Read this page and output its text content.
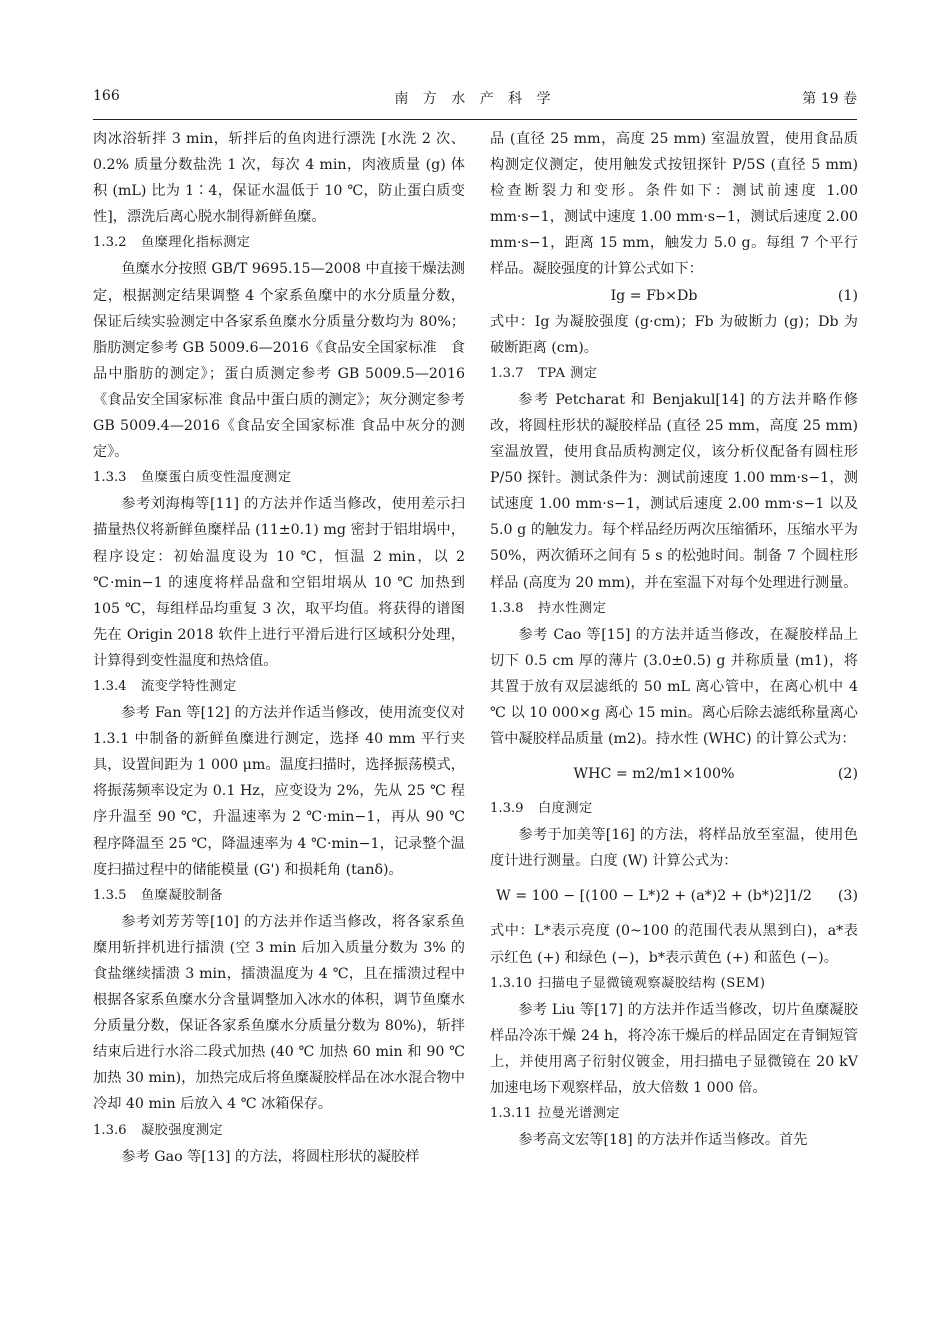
166	南 方 水 产 科 学	第 19 卷

肉冰浴斩拌 3 min，斩拌后的鱼肉进行漂洗 [水洗 2 次、0.2% 质量分数盐洗 1 次，每次 4 min，肉液质量 (g) 体积 (mL) 比为 1∶4，保证水温低于 10 ℃，防止蛋白质变性]，漂洗后离心脱水制得新鲜鱼糜。

1.3.2 鱼糜理化指标测定

鱼糜水分按照 GB/T 9695.15—2008 中直接干燥法测定，根据测定结果调整 4 个家系鱼糜中的水分质量分数，保证后续实验测定中各家系鱼糜水分质量分数均为 80%；脂肪测定参考 GB 5009.6—2016《食品安全国家标准　食品中脂肪的测定》；蛋白质测定参考 GB 5009.5—2016《食品安全国家标准 食品中蛋白质的测定》；灰分测定参考 GB 5009.4—2016《食品安全国家标准 食品中灰分的测定》。

1.3.3 鱼糜蛋白质变性温度测定

参考刘海梅等[11] 的方法并作适当修改，使用差示扫描量热仪将新鲜鱼糜样品 (11±0.1) mg 密封于铝坩埚中，程序设定：初始温度设为 10 ℃，恒温 2 min，以 2 ℃·min−1 的速度将样品盘和空铝坩埚从 10 ℃ 加热到 105 ℃，每组样品均重复 3 次，取平均值。将获得的谱图先在 Origin 2018 软件上进行平滑后进行区域积分处理，计算得到变性温度和热焓值。

1.3.4 流变学特性测定

参考 Fan 等[12] 的方法并作适当修改，使用流变仪对 1.3.1 中制备的新鲜鱼糜进行测定，选择 40 mm 平行夹具，设置间距为 1 000 μm。温度扫描时，选择振荡模式，将振荡频率设定为 0.1 Hz，应变设为 2%，先从 25 ℃ 程序升温至 90 ℃，升温速率为 2 ℃·min−1，再从 90 ℃ 程序降温至 25 ℃，降温速率为 4 ℃·min−1，记录整个温度扫描过程中的储能模量 (G') 和损耗角 (tanδ)。

1.3.5 鱼糜凝胶制备

参考刘芳芳等[10] 的方法并作适当修改，将各家系鱼糜用斩拌机进行擂溃 (空 3 min 后加入质量分数为 3% 的食盐继续擂溃 3 min，擂溃温度为 4 ℃，且在擂溃过程中根据各家系鱼糜水分含量调整加入冰水的体积，调节鱼糜水分质量分数，保证各家系鱼糜水分质量分数为 80%)，斩拌结束后进行水浴二段式加热 (40 ℃ 加热 60 min 和 90 ℃ 加热 30 min)，加热完成后将鱼糜凝胶样品在冰水混合物中冷却 40 min 后放入 4 ℃ 冰箱保存。

1.3.6 凝胶强度测定

参考 Gao 等[13] 的方法，将圆柱形状的凝胶样

品 (直径 25 mm，高度 25 mm) 室温放置，使用食品质构测定仪测定，使用触发式按钮探针 P/5S (直径 5 mm) 检查断裂力和变形。条件如下：测试前速度 1.00 mm·s−1，测试中速度 1.00 mm·s−1，测试后速度 2.00 mm·s−1，距离 15 mm，触发力 5.0 g。每组 7 个平行样品。凝胶强度的计算公式如下：

Ig = Fb×Db	(1)

式中：Ig 为凝胶强度 (g·cm)；Fb 为破断力 (g)；Db 为破断距离 (cm)。

1.3.7 TPA 测定

参考 Petcharat 和 Benjakul[14] 的方法并略作修改，将圆柱形状的凝胶样品 (直径 25 mm，高度 25 mm) 室温放置，使用食品质构测定仪，该分析仪配备有圆柱形 P/50 探针。测试条件为：测试前速度 1.00 mm·s−1，测试速度 1.00 mm·s−1，测试后速度 2.00 mm·s−1 以及 5.0 g 的触发力。每个样品经历两次压缩循环，压缩水平为 50%，两次循环之间有 5 s 的松弛时间。制备 7 个圆柱形样品 (高度为 20 mm)，并在室温下对每个处理进行测量。

1.3.8 持水性测定

参考 Cao 等[15] 的方法并适当修改，在凝胶样品上切下 0.5 cm 厚的薄片 (3.0±0.5) g 并称质量 (m1)，将其置于放有双层滤纸的 50 mL 离心管中，在离心机中 4 ℃ 以 10 000×g 离心 15 min。离心后除去滤纸称量离心管中凝胶样品质量 (m2)。持水性 (WHC) 的计算公式为：

WHC = m2/m1×100%	(2)
1.3.9 白度测定

参考于加美等[16] 的方法，将样品放至室温，使用色度计进行测量。白度 (W) 计算公式为：

W = 100 − [(100 − L*)2 + (a*)2 + (b*)2]1/2	(3)

式中：L*表示亮度 (0~100 的范围代表从黑到白)，a*表示红色 (+) 和绿色 (−)，b*表示黄色 (+) 和蓝色 (−)。

1.3.10 扫描电子显微镜观察凝胶结构 (SEM)

参考 Liu 等[17] 的方法并作适当修改，切片鱼糜凝胶样品冷冻干燥 24 h，将冷冻干燥后的样品固定在青铜短管上，并使用离子衍射仪镀金，用扫描电子显微镜在 20 kV 加速电场下观察样品，放大倍数 1 000 倍。

1.3.11 拉曼光谱测定

参考高文宏等[18] 的方法并作适当修改。首先
